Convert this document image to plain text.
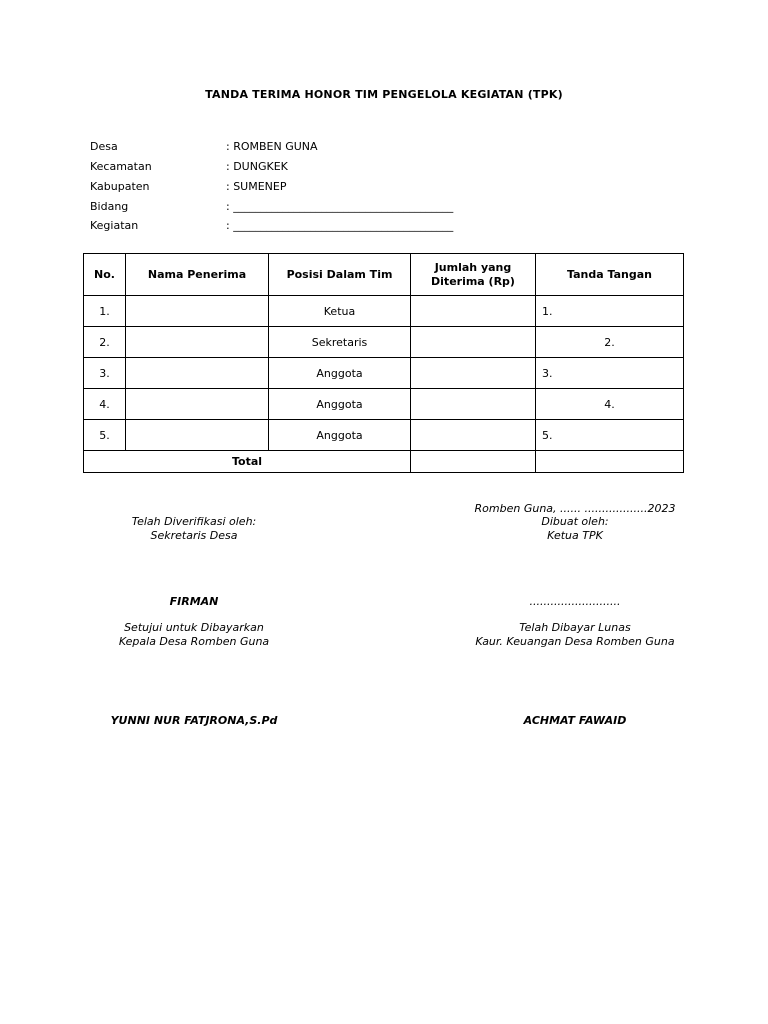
TANDA TERIMA HONOR TIM PENGELOLA KEGIATAN (TPK)
Desa	: ROMBEN GUNA
Kecamatan	: DUNGKEK
Kabupaten	: SUMENEP
Bidang	: ________________________________________
Kegiatan	: ________________________________________
No.	Nama Penerima	Posisi Dalam Tim	Jumlah yang Diterima (Rp)	Tanda Tangan
1.		Ketua		1.
2.		Sekretaris		2.
3.		Anggota		3.
4.		Anggota		4.
5.		Anggota		5.
Total				
Romben Guna, ...... ..................2023
Telah Diverifikasi oleh:
Sekretaris Desa
Dibuat oleh:
Ketua TPK
FIRMAN	..........................
Setujui untuk Dibayarkan
Kepala Desa Romben Guna
Telah Dibayar Lunas
Kaur. Keuangan Desa Romben Guna
YUNNI NUR FATJRONA,S.Pd	ACHMAT FAWAID
